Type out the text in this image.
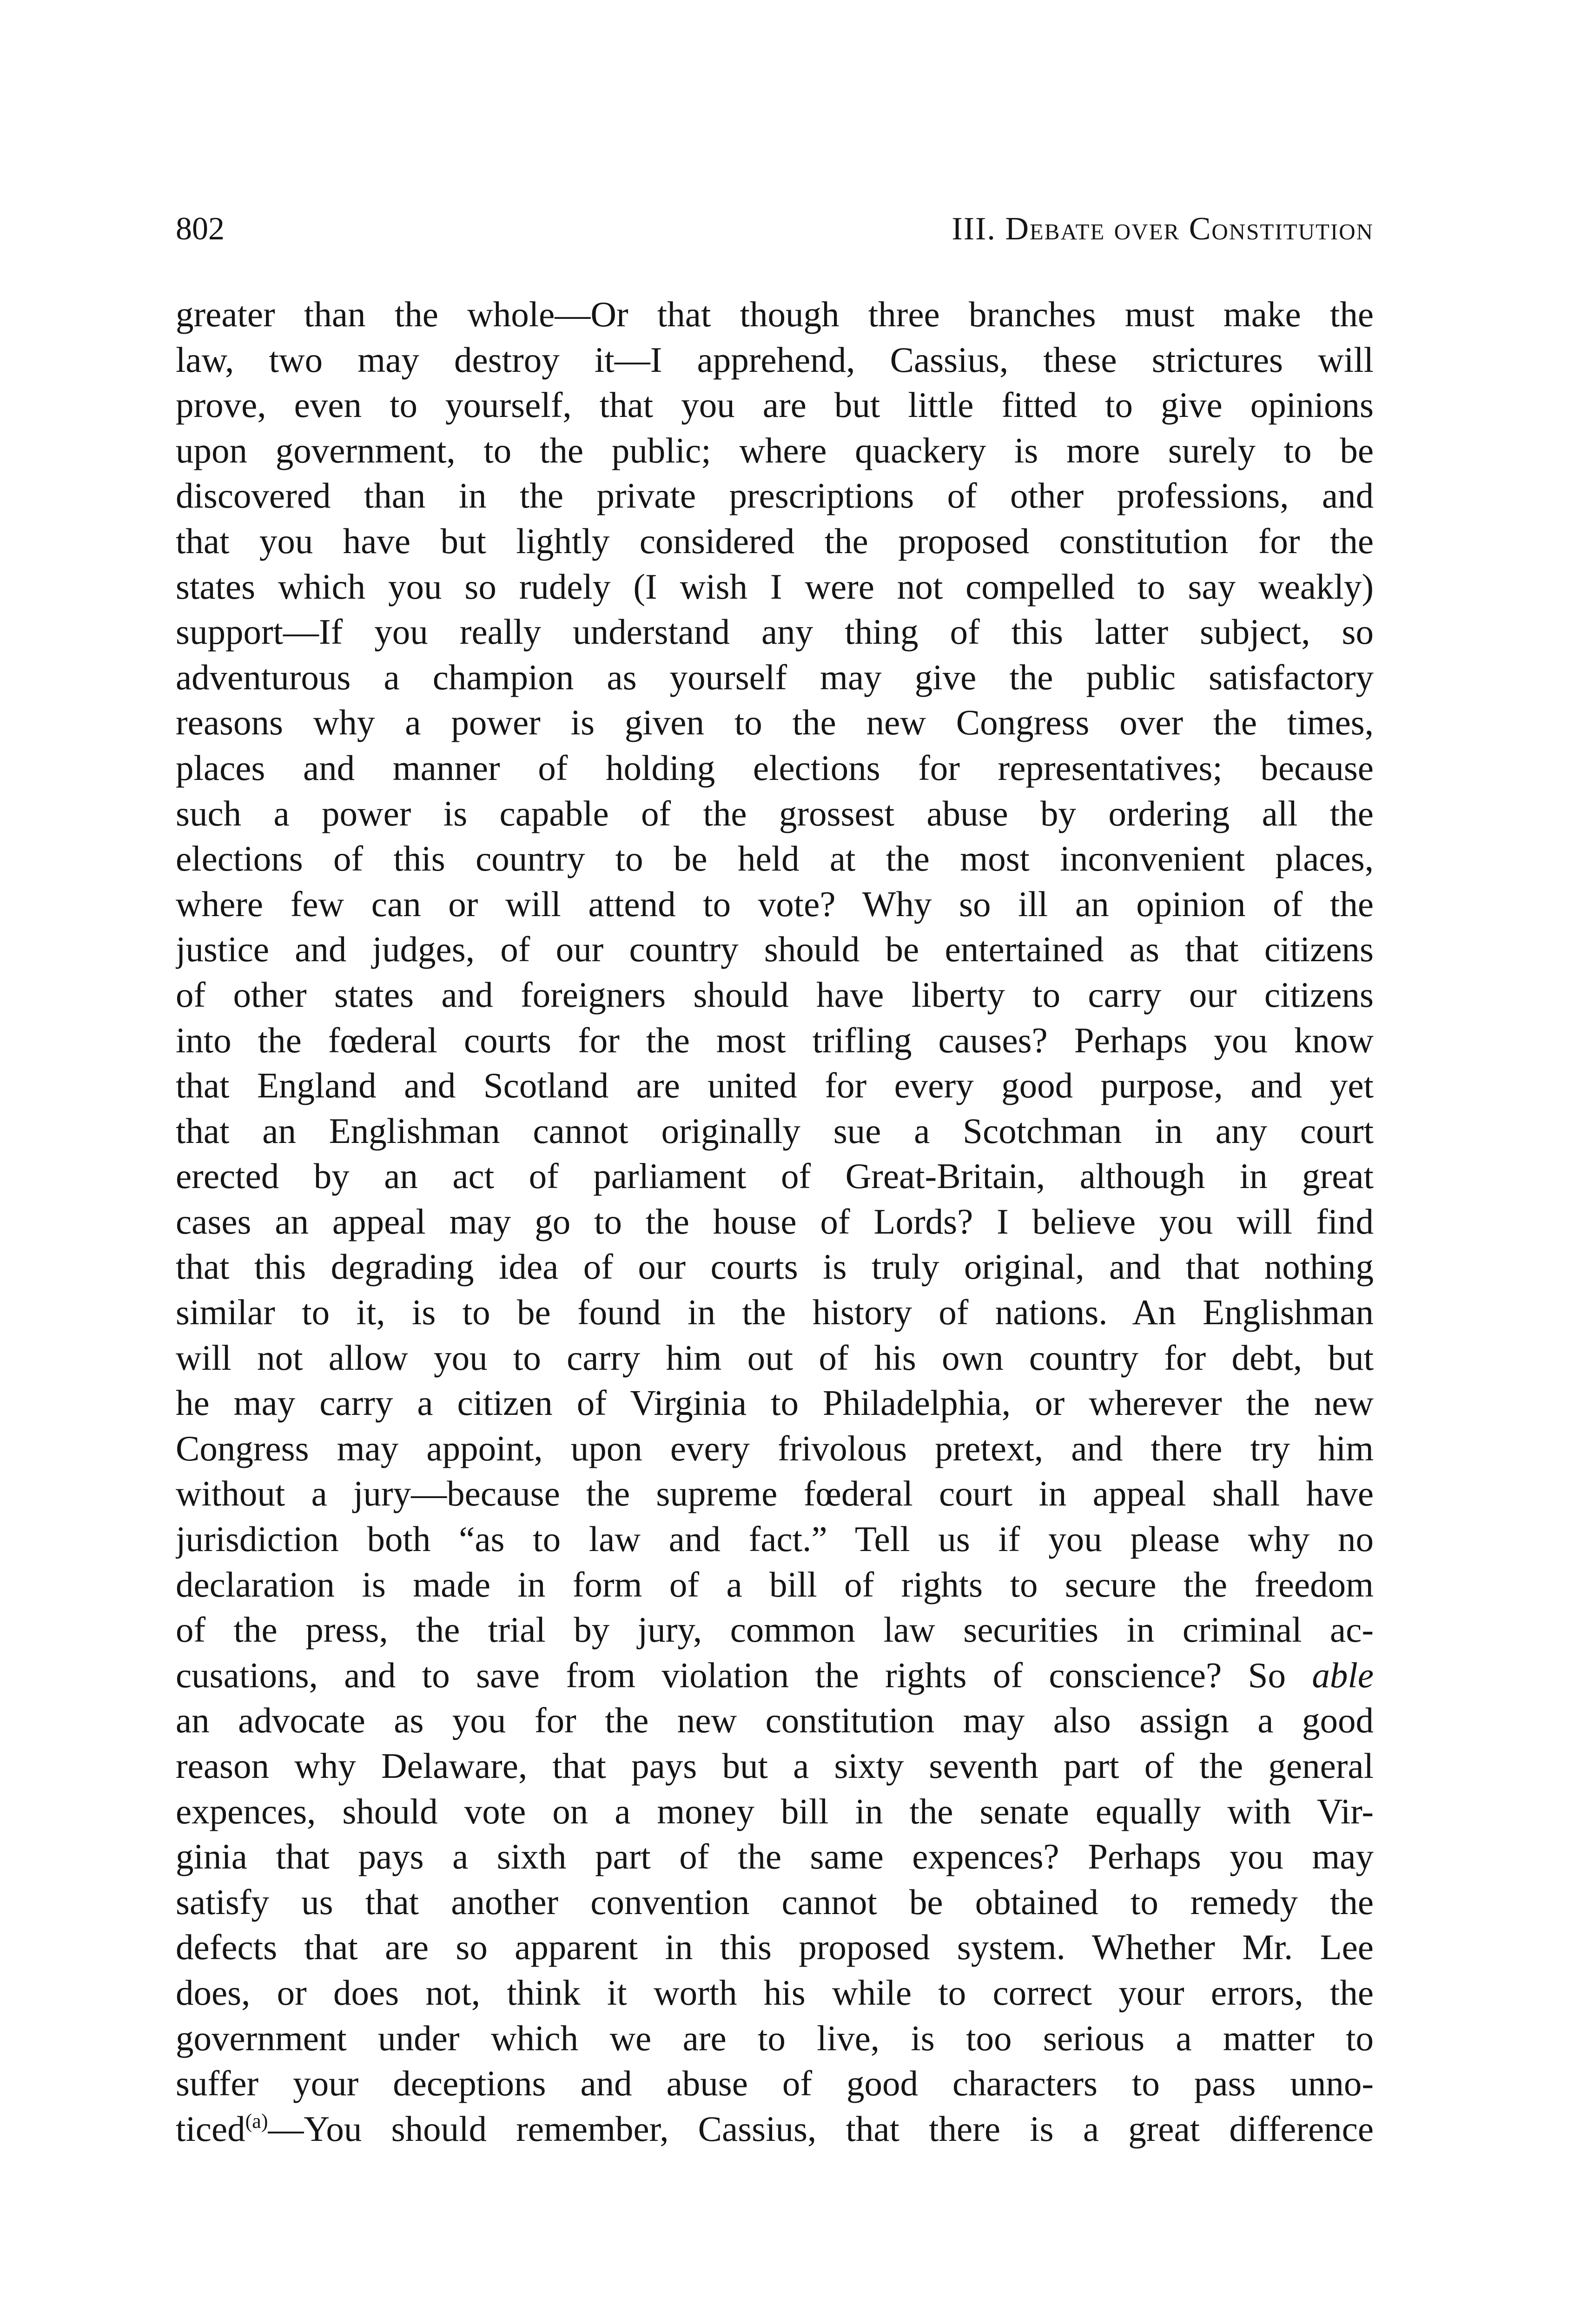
802	III. Debate over Constitution
greater than the whole—Or that though three branches must make the
law, two may destroy it—I apprehend, Cassius, these strictures will
prove, even to yourself, that you are but little fitted to give opinions
upon government, to the public; where quackery is more surely to be
discovered than in the private prescriptions of other professions, and
that you have but lightly considered the proposed constitution for the
states which you so rudely (I wish I were not compelled to say weakly)
support—If you really understand any thing of this latter subject, so
adventurous a champion as yourself may give the public satisfactory
reasons why a power is given to the new Congress over the times,
places and manner of holding elections for representatives; because
such a power is capable of the grossest abuse by ordering all the
elections of this country to be held at the most inconvenient places,
where few can or will attend to vote? Why so ill an opinion of the
justice and judges, of our country should be entertained as that citizens
of other states and foreigners should have liberty to carry our citizens
into the fœderal courts for the most trifling causes? Perhaps you know
that England and Scotland are united for every good purpose, and yet
that an Englishman cannot originally sue a Scotchman in any court
erected by an act of parliament of Great-Britain, although in great
cases an appeal may go to the house of Lords? I believe you will find
that this degrading idea of our courts is truly original, and that nothing
similar to it, is to be found in the history of nations. An Englishman
will not allow you to carry him out of his own country for debt, but
he may carry a citizen of Virginia to Philadelphia, or wherever the new
Congress may appoint, upon every frivolous pretext, and there try him
without a jury—because the supreme fœderal court in appeal shall have
jurisdiction both “as to law and fact.” Tell us if you please why no
declaration is made in form of a bill of rights to secure the freedom
of the press, the trial by jury, common law securities in criminal ac-
cusations, and to save from violation the rights of conscience? So able
an advocate as you for the new constitution may also assign a good
reason why Delaware, that pays but a sixty seventh part of the general
expences, should vote on a money bill in the senate equally with Vir-
ginia that pays a sixth part of the same expences? Perhaps you may
satisfy us that another convention cannot be obtained to remedy the
defects that are so apparent in this proposed system. Whether Mr. Lee
does, or does not, think it worth his while to correct your errors, the
government under which we are to live, is too serious a matter to
suffer your deceptions and abuse of good characters to pass unno-
ticed$^{(a)}$—You should remember, Cassius, that there is a great difference
